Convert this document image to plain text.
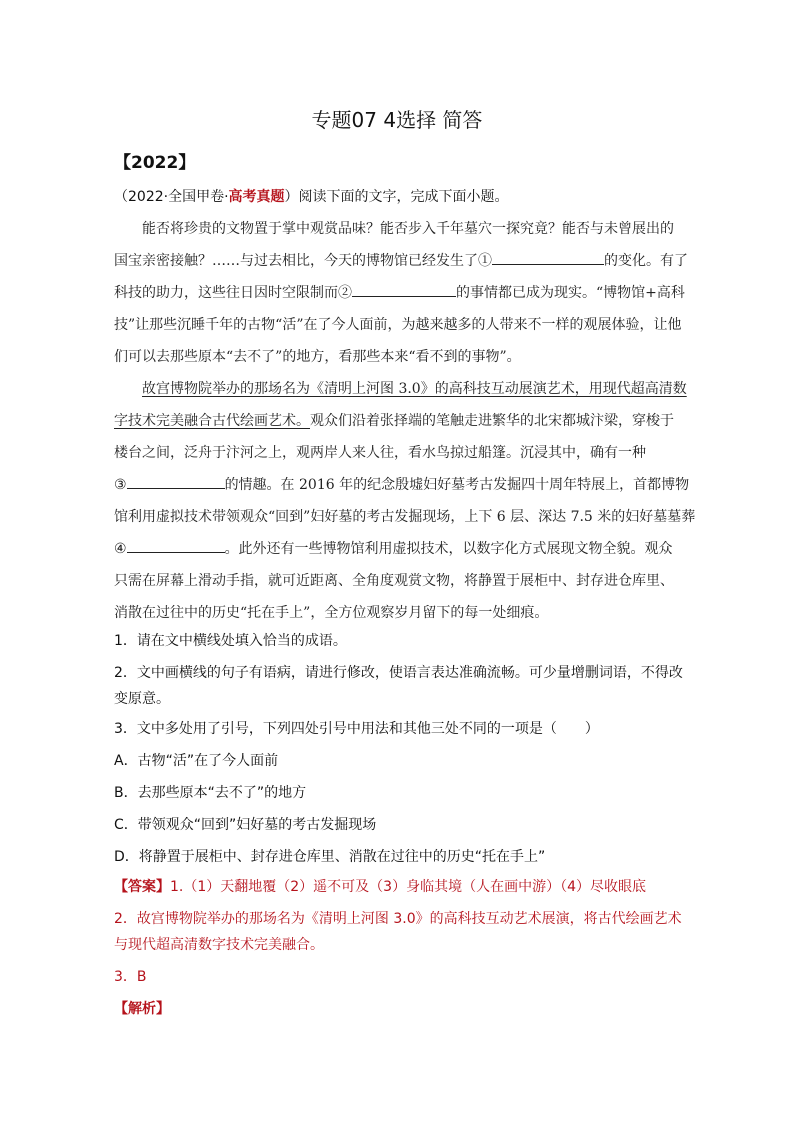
专题07 4选择 简答
【2022】
（2022·全国甲卷·高考真题）阅读下面的文字，完成下面小题。
能否将珍贵的文物置于掌中观赏品味？能否步入千年墓穴一探究竟？能否与未曾展出的
国宝亲密接触？……与过去相比，今天的博物馆已经发生了①	的变化。有了
科技的助力，这些往日因时空限制而②	的事情都已成为现实。“博物馆+高科
技”让那些沉睡千年的古物“活”在了今人面前，为越来越多的人带来不一样的观展体验，让他
们可以去那些原本“去不了”的地方，看那些本来“看不到的事物”。
故宫博物院举办的那场名为《清明上河图 3.0》的高科技互动展演艺术，用现代超高清数
字技术完美融合古代绘画艺术。观众们沿着张择端的笔触走进繁华的北宋都城汴梁，穿梭于
楼台之间，泛舟于汴河之上，观两岸人来人往，看水鸟掠过船篷。沉浸其中，确有一种
③	的情趣。在 2016 年的纪念殷墟妇好墓考古发掘四十周年特展上，首都博物
馆利用虚拟技术带领观众“回到”妇好墓的考古发掘现场，上下 6 层、深达 7.5 米的妇好墓墓葬
④	。此外还有一些博物馆利用虚拟技术，以数字化方式展现文物全貌。观众
只需在屏幕上滑动手指，就可近距离、全角度观赏文物，将静置于展柜中、封存进仓库里、
消散在过往中的历史“托在手上”，全方位观察岁月留下的每一处细痕。
1．请在文中横线处填入恰当的成语。
2．文中画横线的句子有语病，请进行修改，使语言表达准确流畅。可少量增删词语，不得改
变原意。
3．文中多处用了引号，下列四处引号中用法和其他三处不同的一项是（　　）
A．古物“活”在了今人面前
B．去那些原本“去不了”的地方
C．带领观众“回到”妇好墓的考古发掘现场
D．将静置于展柜中、封存进仓库里、消散在过往中的历史“托在手上”
【答案】1.（1）天翻地覆（2）遥不可及（3）身临其境（人在画中游）（4）尽收眼底
2．故宫博物院举办的那场名为《清明上河图 3.0》的高科技互动艺术展演，将古代绘画艺术
与现代超高清数字技术完美融合。
3．B
【解析】
